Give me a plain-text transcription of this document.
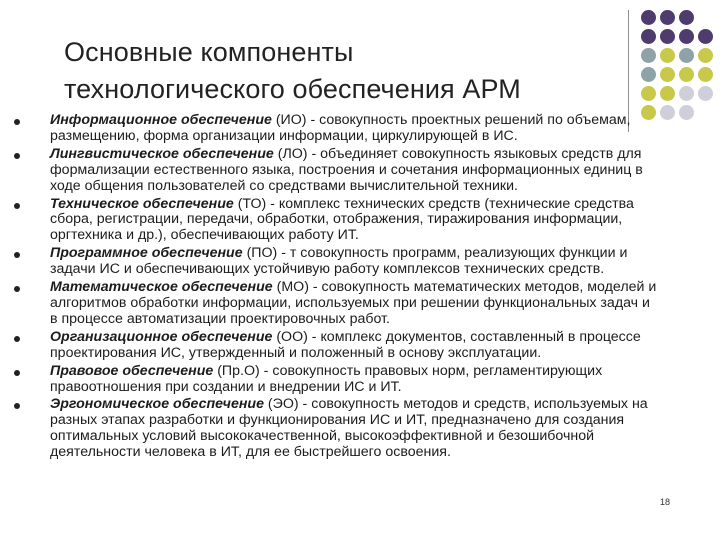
Основные компоненты
технологического обеспечения АРМ
Информационное обеспечение (ИО) - совокупность проектных решений по объемам, размещению, форма организации информации, циркулирующей в ИС.
Лингвистическое обеспечение (ЛО) - объединяет совокупность языковых средств для формализации естественного языка, построения и сочетания информационных единиц в ходе общения пользователей со средствами вычислительной техники.
Техническое обеспечение (ТО) - комплекс технических средств (технические средства сбора, регистрации, передачи, обработки, отображения, тиражирования информации, оргтехника и др.), обеспечивающих работу ИТ.
Программное обеспечение (ПО) - т совокупность программ, реализующих функции и задачи ИС и обеспечивающих устойчивую работу комплексов технических средств.
Математическое обеспечение (МО) - совокупность математических методов, моделей и алгоритмов обработки информации, используемых при решении функциональных задач и в процессе автоматизации проектировочных работ.
Организационное обеспечение (ОО) - комплекс документов, составленный в процессе проектирования ИС, утвержденный и положенный в основу эксплуатации.
Правовое обеспечение (Пр.О) - совокупность правовых норм, регламентирующих правоотношения при создании и внедрении ИС и ИТ.
Эргономическое обеспечение (ЭО) - совокупность методов и средств, используемых на разных этапах разработки и функционирования ИС и ИТ, предназначено для создания оптимальных условий высококачественной, высокоэффективной и безошибочной деятельности человека в ИТ, для ее быстрейшего освоения.
18
